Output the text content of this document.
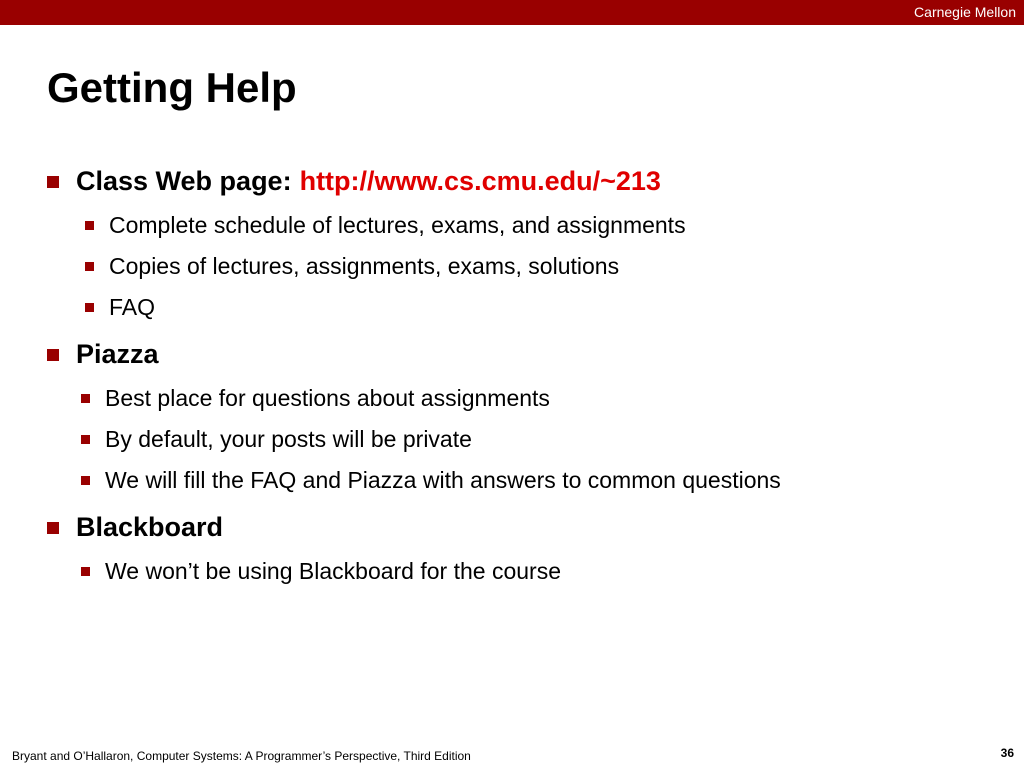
Carnegie Mellon
Getting Help
Class Web page: http://www.cs.cmu.edu/~213
Complete schedule of lectures, exams, and assignments
Copies of lectures, assignments, exams, solutions
FAQ
Piazza
Best place for questions about assignments
By default, your posts will be private
We will fill the FAQ and Piazza with answers to common questions
Blackboard
We won’t be using Blackboard for the course
Bryant and O’Hallaron, Computer Systems: A Programmer’s Perspective, Third Edition	36
